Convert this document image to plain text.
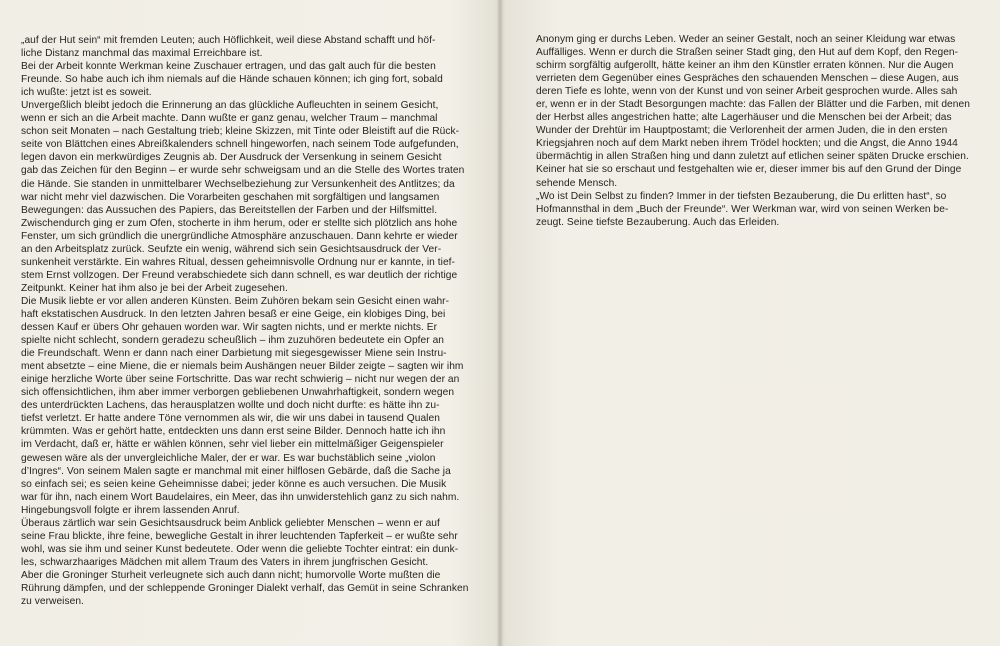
„auf der Hut sein“ mit fremden Leuten; auch Höflichkeit, weil diese Abstand schafft und höf-
liche Distanz manchmal das maximal Erreichbare ist.
Bei der Arbeit konnte Werkman keine Zuschauer ertragen, und das galt auch für die besten
Freunde. So habe auch ich ihm niemals auf die Hände schauen können; ich ging fort, sobald
ich wußte: jetzt ist es soweit.
Unvergeßlich bleibt jedoch die Erinnerung an das glückliche Aufleuchten in seinem Gesicht,
wenn er sich an die Arbeit machte. Dann wußte er ganz genau, welcher Traum – manchmal
schon seit Monaten – nach Gestaltung trieb; kleine Skizzen, mit Tinte oder Bleistift auf die Rück-
seite von Blättchen eines Abreißkalenders schnell hingeworfen, nach seinem Tode aufgefunden,
legen davon ein merkwürdiges Zeugnis ab. Der Ausdruck der Versenkung in seinem Gesicht
gab das Zeichen für den Beginn – er wurde sehr schweigsam und an die Stelle des Wortes traten
die Hände. Sie standen in unmittelbarer Wechselbeziehung zur Versunkenheit des Antlitzes; da
war nicht mehr viel dazwischen. Die Vorarbeiten geschahen mit sorgfältigen und langsamen
Bewegungen: das Aussuchen des Papiers, das Bereitstellen der Farben und der Hilfsmittel.
Zwischendurch ging er zum Ofen, stocherte in ihm herum, oder er stellte sich plötzlich ans hohe
Fenster, um sich gründlich die unergründliche Atmosphäre anzuschauen. Dann kehrte er wieder
an den Arbeitsplatz zurück. Seufzte ein wenig, während sich sein Gesichtsausdruck der Ver-
sunkenheit verstärkte. Ein wahres Ritual, dessen geheimnisvolle Ordnung nur er kannte, in tief-
stem Ernst vollzogen. Der Freund verabschiedete sich dann schnell, es war deutlich der richtige
Zeitpunkt. Keiner hat ihm also je bei der Arbeit zugesehen.
Die Musik liebte er vor allen anderen Künsten. Beim Zuhören bekam sein Gesicht einen wahr-
haft ekstatischen Ausdruck. In den letzten Jahren besaß er eine Geige, ein klobiges Ding, bei
dessen Kauf er übers Ohr gehauen worden war. Wir sagten nichts, und er merkte nichts. Er
spielte nicht schlecht, sondern geradezu scheußlich – ihm zuzuhören bedeutete ein Opfer an
die Freundschaft. Wenn er dann nach einer Darbietung mit siegesgewisser Miene sein Instru-
ment absetzte – eine Miene, die er niemals beim Aushängen neuer Bilder zeigte – sagten wir ihm
einige herzliche Worte über seine Fortschritte. Das war recht schwierig – nicht nur wegen der an
sich offensichtlichen, ihm aber immer verborgen gebliebenen Unwahrhaftigkeit, sondern wegen
des unterdrückten Lachens, das herausplatzen wollte und doch nicht durfte: es hätte ihn zu-
tiefst verletzt. Er hatte andere Töne vernommen als wir, die wir uns dabei in tausend Qualen
krümmten. Was er gehört hatte, entdeckten uns dann erst seine Bilder. Dennoch hatte ich ihn
im Verdacht, daß er, hätte er wählen können, sehr viel lieber ein mittelmäßiger Geigenspieler
gewesen wäre als der unvergleichliche Maler, der er war. Es war buchstäblich seine „violon
d’Ingres“. Von seinem Malen sagte er manchmal mit einer hilflosen Gebärde, daß die Sache ja
so einfach sei; es seien keine Geheimnisse dabei; jeder könne es auch versuchen. Die Musik
war für ihn, nach einem Wort Baudelaires, ein Meer, das ihn unwiderstehlich ganz zu sich nahm.
Hingebungsvoll folgte er ihrem lassenden Anruf.
Überaus zärtlich war sein Gesichtsausdruck beim Anblick geliebter Menschen – wenn er auf
seine Frau blickte, ihre feine, bewegliche Gestalt in ihrer leuchtenden Tapferkeit – er wußte sehr
wohl, was sie ihm und seiner Kunst bedeutete. Oder wenn die geliebte Tochter eintrat: ein dunk-
les, schwarzhaariges Mädchen mit allem Traum des Vaters in ihrem jungfrischen Gesicht.
Aber die Groninger Sturheit verleugnete sich auch dann nicht; humorvolle Worte mußten die
Rührung dämpfen, und der schleppende Groninger Dialekt verhalf, das Gemüt in seine Schranken
zu verweisen.
Anonym ging er durchs Leben. Weder an seiner Gestalt, noch an seiner Kleidung war etwas
Auffälliges. Wenn er durch die Straßen seiner Stadt ging, den Hut auf dem Kopf, den Regen-
schirm sorgfältig aufgerollt, hätte keiner an ihm den Künstler erraten können. Nur die Augen
verrieten dem Gegenüber eines Gespräches den schauenden Menschen – diese Augen, aus
deren Tiefe es lohte, wenn von der Kunst und von seiner Arbeit gesprochen wurde. Alles sah
er, wenn er in der Stadt Besorgungen machte: das Fallen der Blätter und die Farben, mit denen
der Herbst alles angestrichen hatte; alte Lagerhäuser und die Menschen bei der Arbeit; das
Wunder der Drehtür im Hauptpostamt; die Verlorenheit der armen Juden, die in den ersten
Kriegsjahren noch auf dem Markt neben ihrem Trödel hockten; und die Angst, die Anno 1944
übermächtig in allen Straßen hing und dann zuletzt auf etlichen seiner späten Drucke erschien.
Keiner hat sie so erschaut und festgehalten wie er, dieser immer bis auf den Grund der Dinge
sehende Mensch.
„Wo ist Dein Selbst zu finden? Immer in der tiefsten Bezauberung, die Du erlitten hast“, so
Hofmannsthal in dem „Buch der Freunde“. Wer Werkman war, wird von seinen Werken be-
zeugt. Seine tiefste Bezauberung. Auch das Erleiden.
